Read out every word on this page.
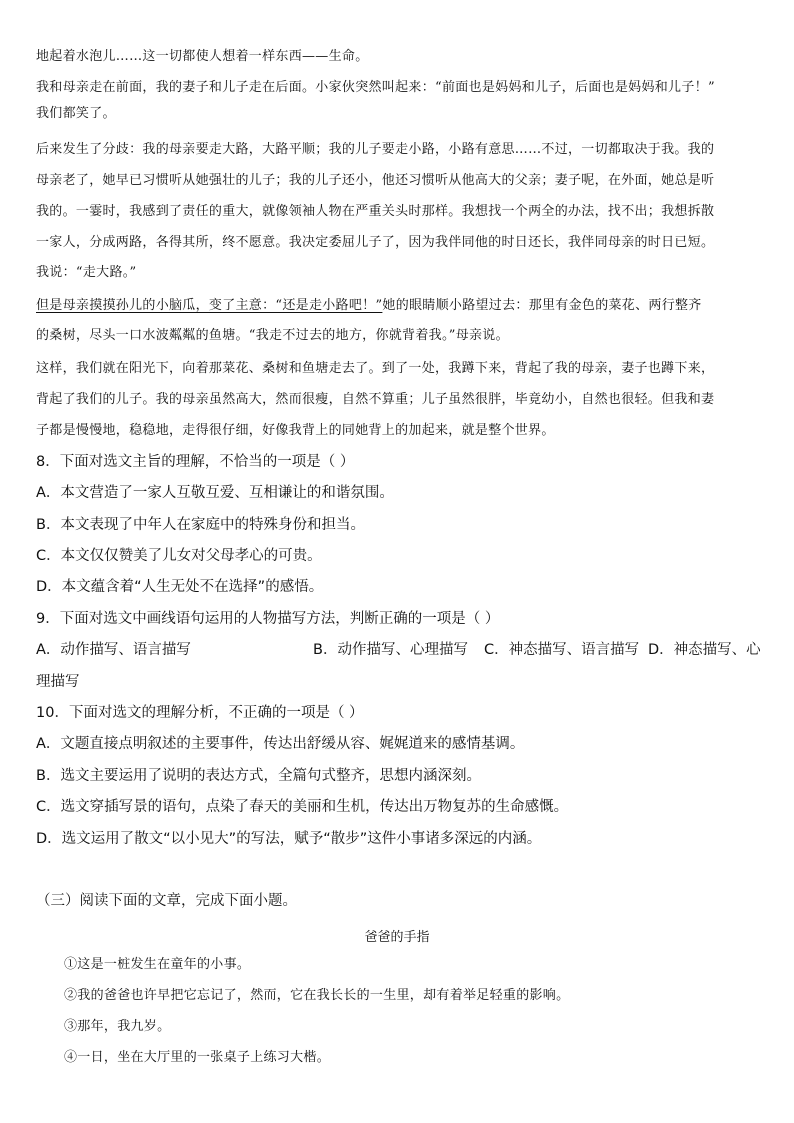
地起着水泡儿……这一切都使人想着一样东西——生命。
我和母亲走在前面，我的妻子和儿子走在后面。小家伙突然叫起来：“前面也是妈妈和儿子，后面也是妈妈和儿子！”
我们都笑了。
后来发生了分歧：我的母亲要走大路，大路平顺；我的儿子要走小路，小路有意思……不过，一切都取决于我。我的
母亲老了，她早已习惯听从她强壮的儿子；我的儿子还小，他还习惯听从他高大的父亲；妻子呢，在外面，她总是听
我的。一霎时，我感到了责任的重大，就像领袖人物在严重关头时那样。我想找一个两全的办法，找不出；我想拆散
一家人，分成两路，各得其所，终不愿意。我决定委屈儿子了，因为我伴同他的时日还长，我伴同母亲的时日已短。
我说：“走大路。”
但是母亲摸摸孙儿的小脑瓜，变了主意：“还是走小路吧！”她的眼睛顺小路望过去：那里有金色的菜花、两行整齐
的桑树，尽头一口水波粼粼的鱼塘。“我走不过去的地方，你就背着我。”母亲说。
这样，我们就在阳光下，向着那菜花、桑树和鱼塘走去了。到了一处，我蹲下来，背起了我的母亲，妻子也蹲下来，
背起了我们的儿子。我的母亲虽然高大，然而很瘦，自然不算重；儿子虽然很胖，毕竟幼小，自然也很轻。但我和妻
子都是慢慢地，稳稳地，走得很仔细，好像我背上的同她背上的加起来，就是整个世界。
8．下面对选文主旨的理解，不恰当的一项是（ ）
A．本文营造了一家人互敬互爱、互相谦让的和谐氛围。
B．本文表现了中年人在家庭中的特殊身份和担当。
C．本文仅仅赞美了儿女对父母孝心的可贵。
D．本文蕴含着“人生无处不在选择”的感悟。
9．下面对选文中画线语句运用的人物描写方法，判断正确的一项是（ ）
A．动作描写、语言描写	B．动作描写、心理描写 C．神态描写、语言描写 D．神态描写、心
理描写
10．下面对选文的理解分析，不正确的一项是（ ）
A．文题直接点明叙述的主要事件，传达出舒缓从容、娓娓道来的感情基调。
B．选文主要运用了说明的表达方式，全篇句式整齐，思想内涵深刻。
C．选文穿插写景的语句，点染了春天的美丽和生机，传达出万物复苏的生命感慨。
D．选文运用了散文“以小见大”的写法，赋予“散步”这件小事诸多深远的内涵。
（三）阅读下面的文章，完成下面小题。
爸爸的手指
①这是一桩发生在童年的小事。
②我的爸爸也许早把它忘记了，然而，它在我长长的一生里，却有着举足轻重的影响。
③那年，我九岁。
④一日，坐在大厅里的一张桌子上练习大楷。
